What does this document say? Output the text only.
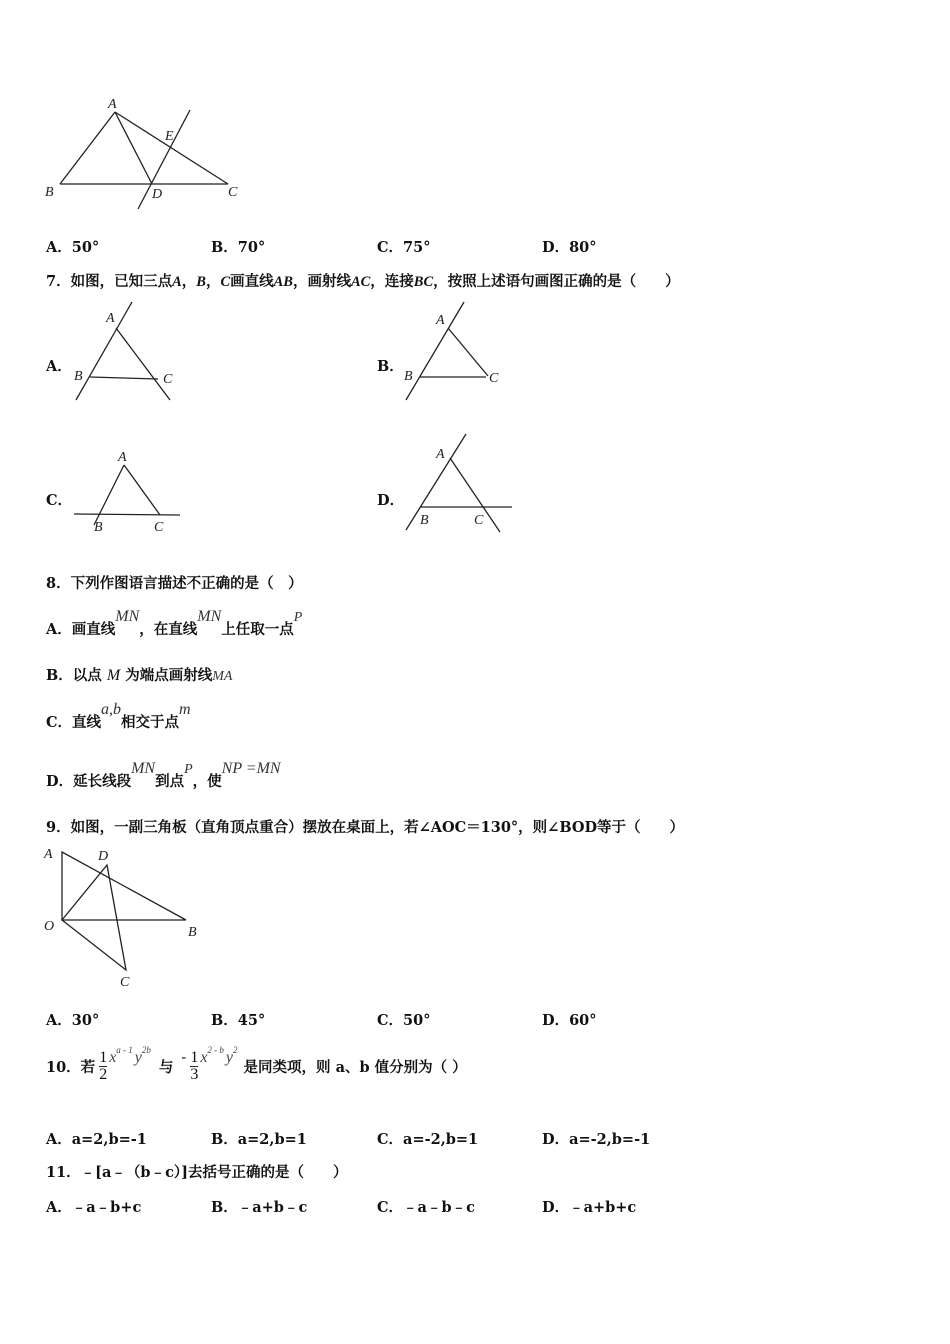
A
E
B	D	C
A．50°	B．70°	C．75°	D．80°
7．如图，已知三点A，B，C画直线AB，画射线AC，连接BC，按照上述语句画图正确的是（　　）
A．
A
B	C
B．
A
B	C
C．
A
B	C
D．
A
B	C
8．下列作图语言描述不正确的是（　）
A．画直线MN，在直线MN上任取一点P
B．以点 M 为端点画射线MA
C．直线a,b相交于点m
D．延长线段MN到点P，使NP =MN
9．如图，一副三角板（直角顶点重合）摆放在桌面上，若∠AOC＝130°，则∠BOD等于（　　）
A	D
O	B
C
A．30°	B．45°	C．50°	D．60°
10．若 $\frac{1}{2}$ x a - 1 y 2b
与
- $\frac{1}{3}$ x 2 - b y 2
是同类项，则 a、b 值分别为（ ）
A．a=2,b=-1	B．a=2,b=1	C．a=-2,b=1	D．a=-2,b=-1
11．﹣[a﹣（b﹣c）]去括号正确的是（　　）
A．﹣a﹣b+c	B．﹣a+b﹣c	C．﹣a﹣b﹣c	D．﹣a+b+c
